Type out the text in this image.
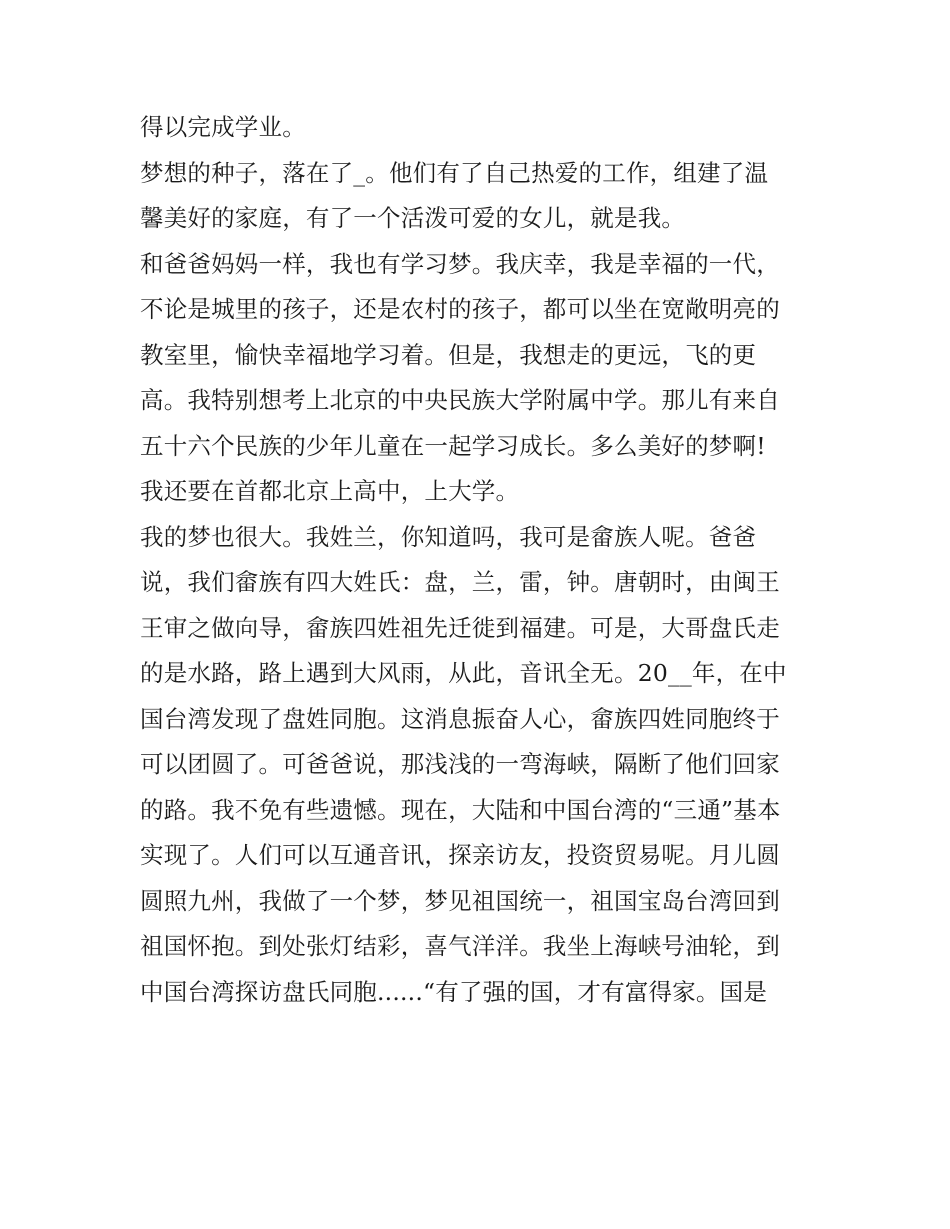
得以完成学业。
梦想的种子，落在了_。他们有了自己热爱的工作，组建了温
馨美好的家庭，有了一个活泼可爱的女儿，就是我。
和爸爸妈妈一样，我也有学习梦。我庆幸，我是幸福的一代，
不论是城里的孩子，还是农村的孩子，都可以坐在宽敞明亮的
教室里，愉快幸福地学习着。但是，我想走的更远，飞的更
高。我特别想考上北京的中央民族大学附属中学。那儿有来自
五十六个民族的少年儿童在一起学习成长。多么美好的梦啊!
我还要在首都北京上高中，上大学。
我的梦也很大。我姓兰，你知道吗，我可是畲族人呢。爸爸
说，我们畲族有四大姓氏：盘，兰，雷，钟。唐朝时，由闽王
王审之做向导，畲族四姓祖先迁徙到福建。可是，大哥盘氏走
的是水路，路上遇到大风雨，从此，音讯全无。20__年，在中
国台湾发现了盘姓同胞。这消息振奋人心，畲族四姓同胞终于
可以团圆了。可爸爸说，那浅浅的一弯海峡，隔断了他们回家
的路。我不免有些遗憾。现在，大陆和中国台湾的“三通”基本
实现了。人们可以互通音讯，探亲访友，投资贸易呢。月儿圆
圆照九州，我做了一个梦，梦见祖国统一，祖国宝岛台湾回到
祖国怀抱。到处张灯结彩，喜气洋洋。我坐上海峡号油轮，到
中国台湾探访盘氏同胞......“有了强的国，才有富得家。国是
